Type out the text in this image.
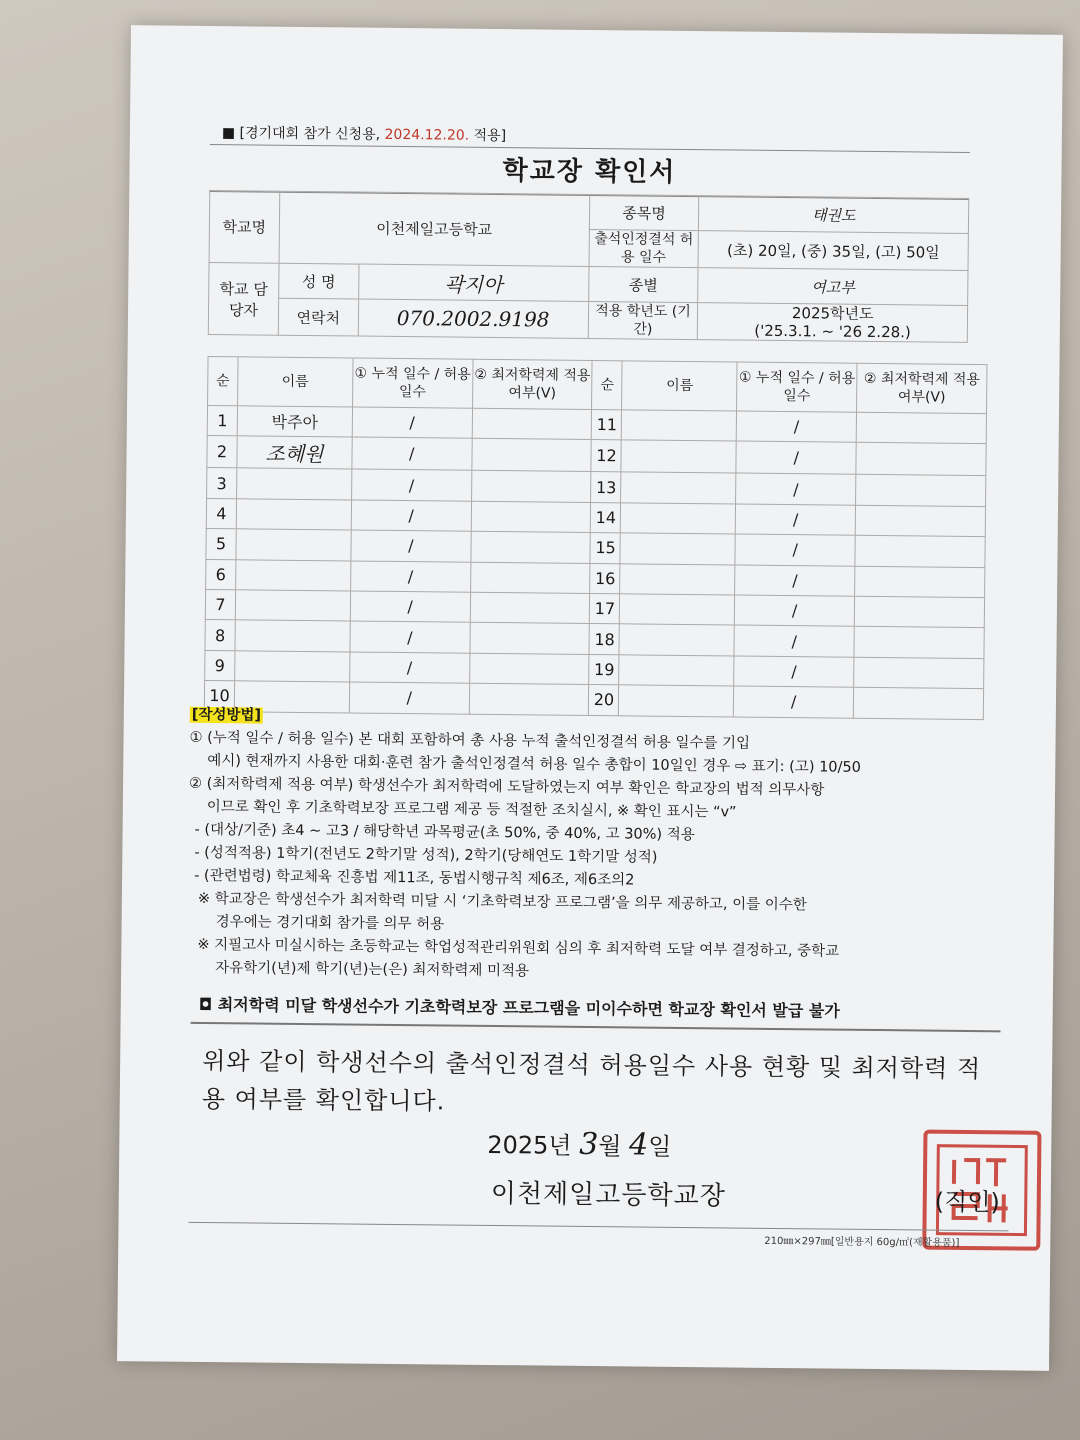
■ [경기대회 참가 신청용, 2024.12.20. 적용]
학교장 확인서
학교명	이천제일고등학교		종목명	태권도
			출석인정결석 허용 일수	(초) 20일, (중) 35일, (고) 50일
학교 담당자	성 명	곽지아	종별	여고부
	연락처	070.2002.9198	적용 학년도 (기간)	2025학년도
('25.3.1. ~ '26 2.28.)
순	이름	① 누적 일수 / 허용 일수	② 최저학력제 적용 여부(V)	순	이름	① 누적 일수 / 허용 일수	② 최저학력제 적용 여부(V)
1	박주아	/		11		/	
2	조혜원	/		12		/	
3		/		13		/	
4		/		14		/	
5		/		15		/	
6		/		16		/	
7		/		17		/	
8		/		18		/	
9		/		19		/	
10		/		20		/	

[작성방법]

① (누적 일수 / 허용 일수) 본 대회 포함하여 총 사용 누적 출석인정결석 허용 일수를 기입

예시) 현재까지 사용한 대회·훈련 참가 출석인정결석 허용 일수 총합이 10일인 경우 ⇨ 표기: (고) 10/50

② (최저학력제 적용 여부) 학생선수가 최저학력에 도달하였는지 여부 확인은 학교장의 법적 의무사항

이므로 확인 후 기초학력보장 프로그램 제공 등 적절한 조치실시, ※ 확인 표시는 “v”

- (대상/기준) 초4 ~ 고3 / 해당학년 과목평균(초 50%, 중 40%, 고 30%) 적용

- (성적적용) 1학기(전년도 2학기말 성적), 2학기(당해연도 1학기말 성적)

- (관련법령) 학교체육 진흥법 제11조, 동법시행규칙 제6조, 제6조의2

※ 학교장은 학생선수가 최저학력 미달 시 ‘기초학력보장 프로그램’을 의무 제공하고, 이를 이수한

경우에는 경기대회 참가를 의무 허용

※ 지필고사 미실시하는 초등학교는 학업성적관리위원회 심의 후 최저학력 도달 여부 결정하고, 중학교

자유학기(년)제 학기(년)는(은) 최저학력제 미적용

◘ 최저학력 미달 학생선수가 기초학력보장 프로그램을 미이수하면 학교장 확인서 발급 불가
위와 같이 학생선수의 출석인정결석 허용일수 사용 현황 및 최저학력 적용 여부를 확인합니다.
2025년 3월 4일
이천제일고등학교장	(직인)
210㎜×297㎜[일반용지 60g/㎡(재활용품)]
